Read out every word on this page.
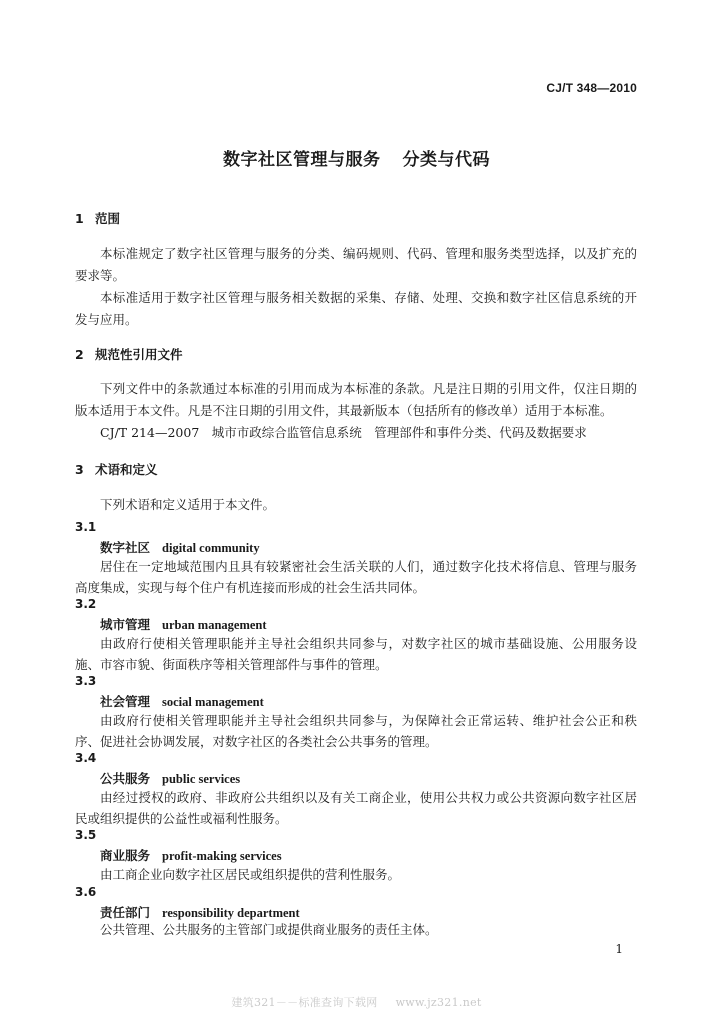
CJ/T 348—2010
数字社区管理与服务 分类与代码
1 范围

本标准规定了数字社区管理与服务的分类、编码规则、代码、管理和服务类型选择，以及扩充的要求等。

本标准适用于数字社区管理与服务相关数据的采集、存储、处理、交换和数字社区信息系统的开发与应用。

2 规范性引用文件

下列文件中的条款通过本标准的引用而成为本标准的条款。凡是注日期的引用文件，仅注日期的版本适用于本文件。凡是不注日期的引用文件，其最新版本（包括所有的修改单）适用于本标准。

CJ/T 214—2007　城市市政综合监管信息系统　管理部件和事件分类、代码及数据要求

3 术语和定义

下列术语和定义适用于本文件。

3.1
数字社区 digital community

居住在一定地域范围内且具有较紧密社会生活关联的人们，通过数字化技术将信息、管理与服务高度集成，实现与每个住户有机连接而形成的社会生活共同体。

3.2
城市管理 urban management

由政府行使相关管理职能并主导社会组织共同参与，对数字社区的城市基础设施、公用服务设施、市容市貌、街面秩序等相关管理部件与事件的管理。

3.3
社会管理 social management

由政府行使相关管理职能并主导社会组织共同参与，为保障社会正常运转、维护社会公正和秩序、促进社会协调发展，对数字社区的各类社会公共事务的管理。

3.4
公共服务 public services

由经过授权的政府、非政府公共组织以及有关工商企业，使用公共权力或公共资源向数字社区居民或组织提供的公益性或福利性服务。

3.5
商业服务 profit-making services

由工商企业向数字社区居民或组织提供的营利性服务。

3.6
责任部门 responsibility department

公共管理、公共服务的主管部门或提供商业服务的责任主体。

1
建筑321－－标准查询下载网 www.jz321.net
